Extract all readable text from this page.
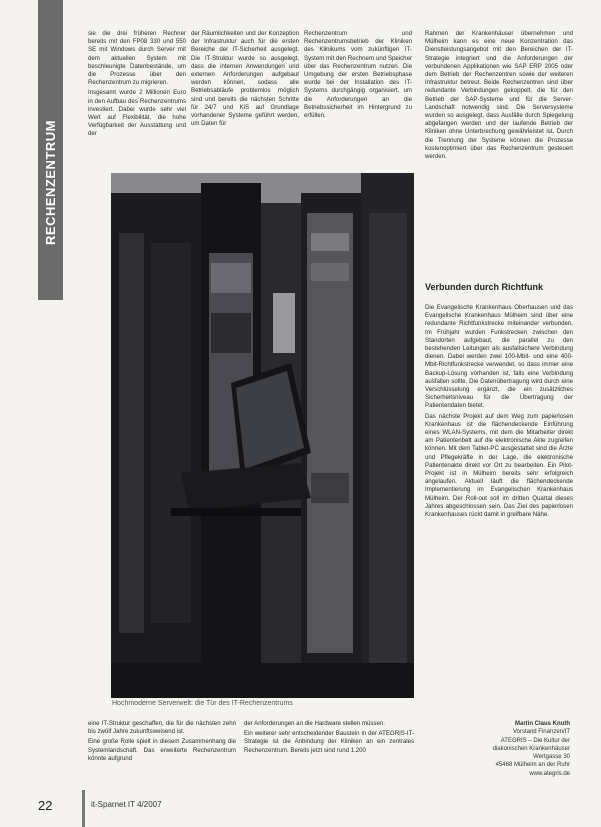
RECHENZENTRUM

sie die drei früheren Rechner bereits mit den FP08 330 und 550 SE mit Windows durch Server mit dem aktuellen System mit beschleunigte Datenbestände, um die Prozesse über den Rechenzentrum zu migrieren.

Insgesamt wurde 2 Millionen Euro in den Aufbau des Rechenzentrums investiert. Dabei wurde sehr viel Wert auf Flexibilität, die hohe Verfügbarkeit der Ausstattung und der

der Räumlichkeiten und der Konzeption der Infrastruktur auch für die ersten Bereiche der IT-Sicherheit ausgelegt. Die IT-Struktur wurde so ausgelegt, dass die internen Anwendungen und externen Anforderungen aufgebaut werden können, sodass alle Betriebsabläufe problemlos möglich sind und bereits die nächsten Schritte für 24/7 und KiS auf Grundlage vorhandener Systeme geführt werden, um Daten für

Rechenzentrum und Rechenzentrumsbetrieb der Kliniken des Klinikums vom zukünftigen IT-System mit den Rechnern und Speicher über das Rechenzentrum nutzen. Die Umgebung der ersten Betriebsphase wurde bei der Installation des IT-Systems durchgängig organisiert, um die Anforderungen an die Betriebssicherheit im Hintergrund zu erfüllen.

Rahmen der Krankenhäuser übernehmen und Mülheim kann es eine neue Konzentration das Dienstleistungsangebot mit den Bereichen der IT-Strategie integriert und die Anforderungen der verbundenen Applikationen wie SAP ERP 2005 oder dem Betrieb der Rechenzentren sowie der weiteren Infrastruktur betreut. Beide Rechenzentren sind über redundante Verbindungen gekoppelt, die für den Betrieb der SAP-Systeme und für die Server-Landschaft notwendig sind. Die Serversysteme wurden so ausgelegt, dass Ausfälle durch Spiegelung abgefangen werden und der laufende Betrieb der Kliniken ohne Unterbrechung gewährleistet ist. Durch die Trennung der Systeme können die Prozesse kostenoptimiert über das Rechenzentrum gesteuert werden.

Verbunden durch Richtfunk

Die Evangelische Krankenhaus Oberhausen und das Evangelische Krankenhaus Mülheim sind über eine redundante Richtfunkstrecke miteinander verbunden. Im Frühjahr wurden Funkstrecken zwischen den Standorten aufgebaut, die parallel zu den bestehenden Leitungen als ausfallsichere Verbindung dienen. Dabei werden zwei 100-Mbit- und eine 400-Mbit-Richtfunkstrecke verwendet, so dass immer eine Backup-Lösung vorhanden ist, falls eine Verbindung ausfallen sollte. Die Datenübertragung wird durch eine Verschlüsselung ergänzt, die ein zusätzliches Sicherheitsniveau für die Übertragung der Patientendaten bietet.

Das nächste Projekt auf dem Weg zum papierlosen Krankenhaus ist die flächendeckende Einführung eines WLAN-Systems, mit dem die Mitarbeiter direkt am Patientenbett auf die elektronische Akte zugreifen können. Mit dem Tablet-PC ausgestattet sind die Ärzte und Pflegekräfte in der Lage, die elektronische Patientenakte direkt vor Ort zu bearbeiten. Ein Pilot-Projekt ist in Mülheim bereits sehr erfolgreich angelaufen. Aktuell läuft die flächendeckende Implementierung im Evangelischen Krankenhaus Mülheim. Der Roll-out soll im dritten Quartal dieses Jahres abgeschlossen sein. Das Ziel des papierlosen Krankenhauses rückt damit in greifbare Nähe.

Hochmoderne Serverwelt: die Tür des IT-Rechenzentrums

eine IT-Struktur geschaffen, die für die nächsten zehn bis zwölf Jahre zukunftsweisend ist.

Eine große Rolle spielt in diesem Zusammenhang die Systemlandschaft. Das erweiterte Rechenzentrum könnte aufgrund

der Anforderungen an die Hardware stellen müssen.

Ein weiterer sehr entscheidender Baustein in der ATEGRIS-IT-Strategie ist die Anbindung der Kliniken an ein zentrales Rechenzentrum. Bereits jetzt sind rund 1.200

Martin Claus Knuth
Vorstand Finanzen/IT
ATEGRIS – Die Kultur der
diakonischen Krankenhäuser
Wertgasse 30
45468 Mülheim an der Ruhr
www.ategris.de
22	it-Sparnet IT 4/2007
